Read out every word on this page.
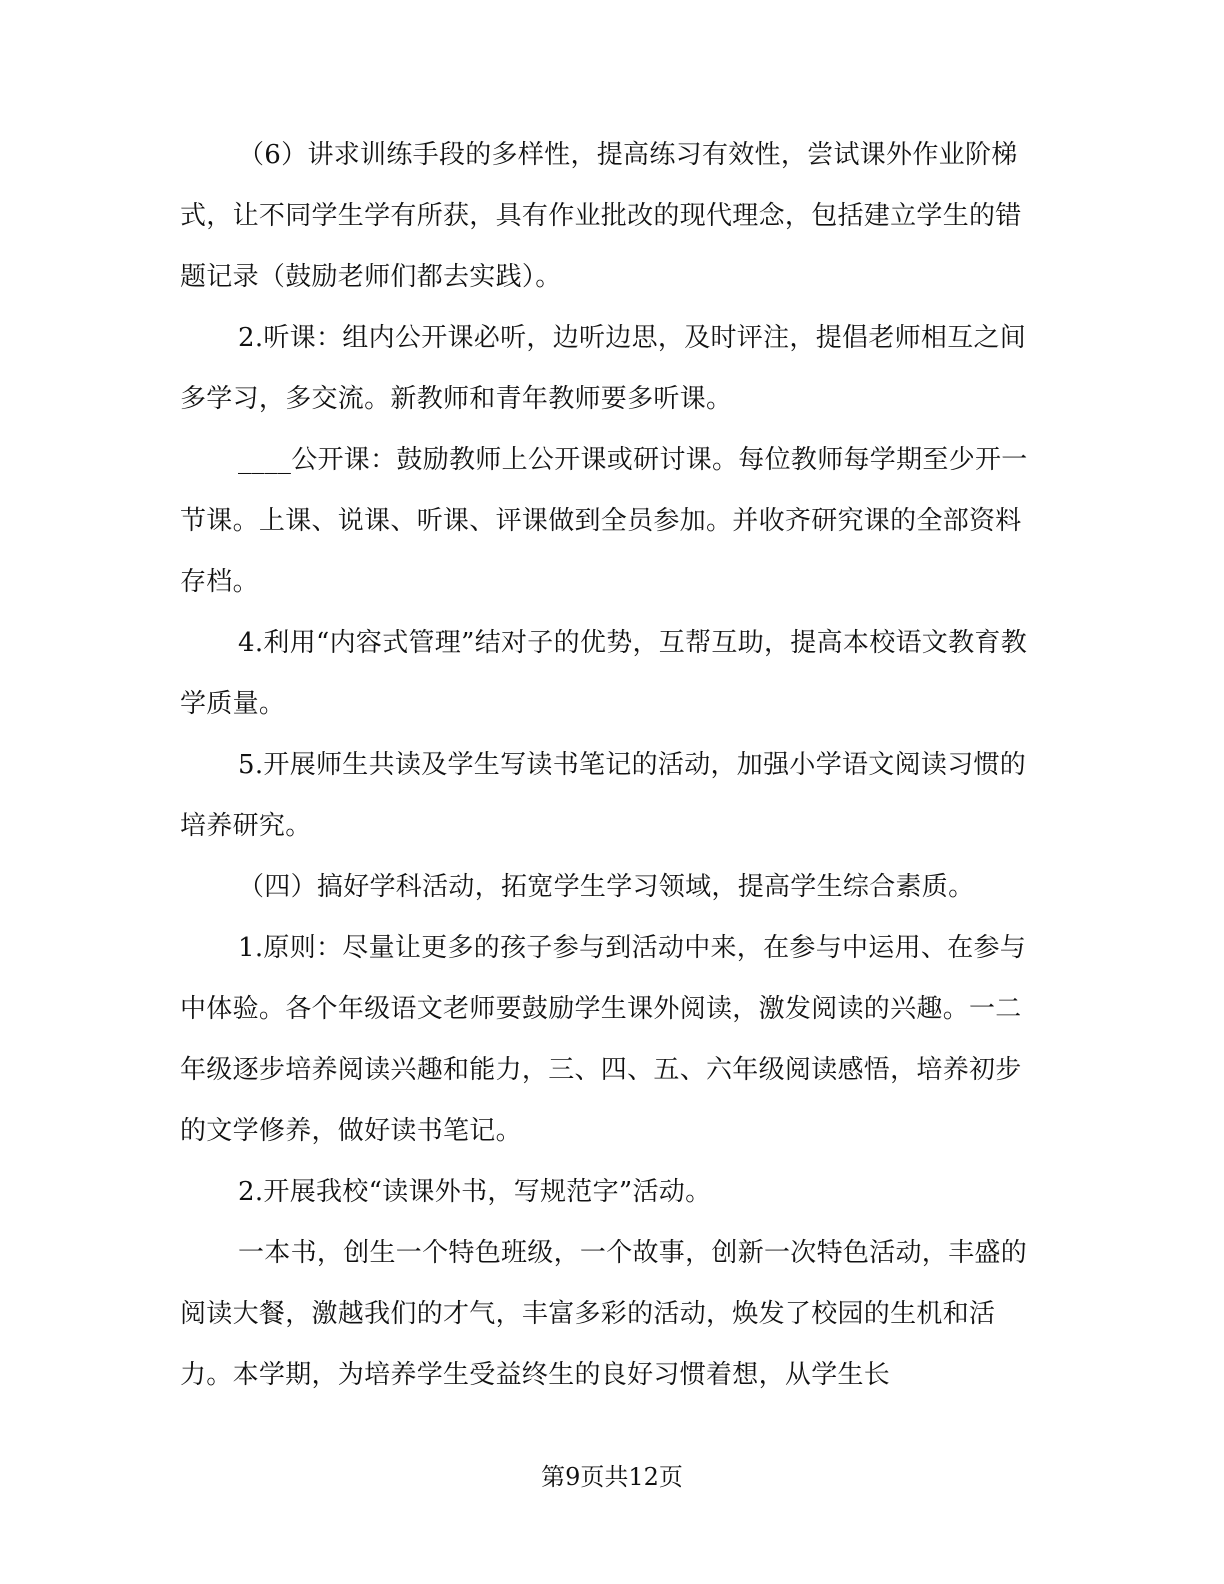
（6）讲求训练手段的多样性，提高练习有效性，尝试课外作业阶梯式，让不同学生学有所获，具有作业批改的现代理念，包括建立学生的错题记录（鼓励老师们都去实践）。

2.听课：组内公开课必听，边听边思，及时评注，提倡老师相互之间多学习，多交流。新教师和青年教师要多听课。

____公开课：鼓励教师上公开课或研讨课。每位教师每学期至少开一节课。上课、说课、听课、评课做到全员参加。并收齐研究课的全部资料存档。

4.利用“内容式管理”结对子的优势，互帮互助，提高本校语文教育教学质量。

5.开展师生共读及学生写读书笔记的活动，加强小学语文阅读习惯的培养研究。

（四）搞好学科活动，拓宽学生学习领域，提高学生综合素质。

1.原则：尽量让更多的孩子参与到活动中来，在参与中运用、在参与中体验。各个年级语文老师要鼓励学生课外阅读，激发阅读的兴趣。一二年级逐步培养阅读兴趣和能力，三、四、五、六年级阅读感悟，培养初步的文学修养，做好读书笔记。

2.开展我校“读课外书，写规范字”活动。

一本书，创生一个特色班级，一个故事，创新一次特色活动，丰盛的阅读大餐，激越我们的才气，丰富多彩的活动，焕发了校园的生机和活力。本学期，为培养学生受益终生的良好习惯着想，从学生长

第9页共12页
